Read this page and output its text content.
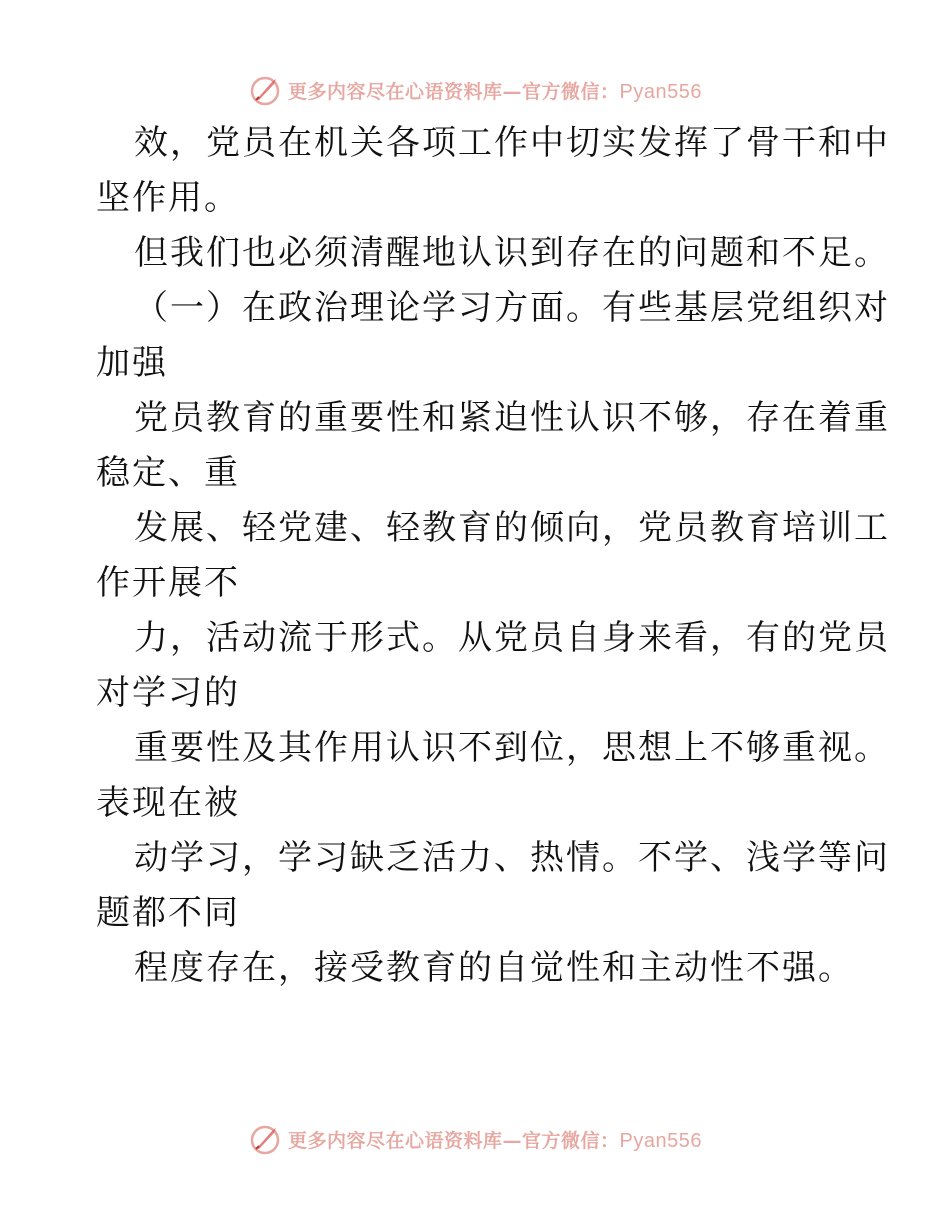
更多内容尽在心语资料库—官方微信：Pyan556
效，党员在机关各项工作中切实发挥了骨干和中
坚作用。
但我们也必须清醒地认识到存在的问题和不足。
（一）在政治理论学习方面。有些基层党组织对
加强
党员教育的重要性和紧迫性认识不够，存在着重
稳定、重
发展、轻党建、轻教育的倾向，党员教育培训工
作开展不
力，活动流于形式。从党员自身来看，有的党员
对学习的
重要性及其作用认识不到位，思想上不够重视。
表现在被
动学习，学习缺乏活力、热情。不学、浅学等问
题都不同
程度存在，接受教育的自觉性和主动性不强。
更多内容尽在心语资料库—官方微信：Pyan556
